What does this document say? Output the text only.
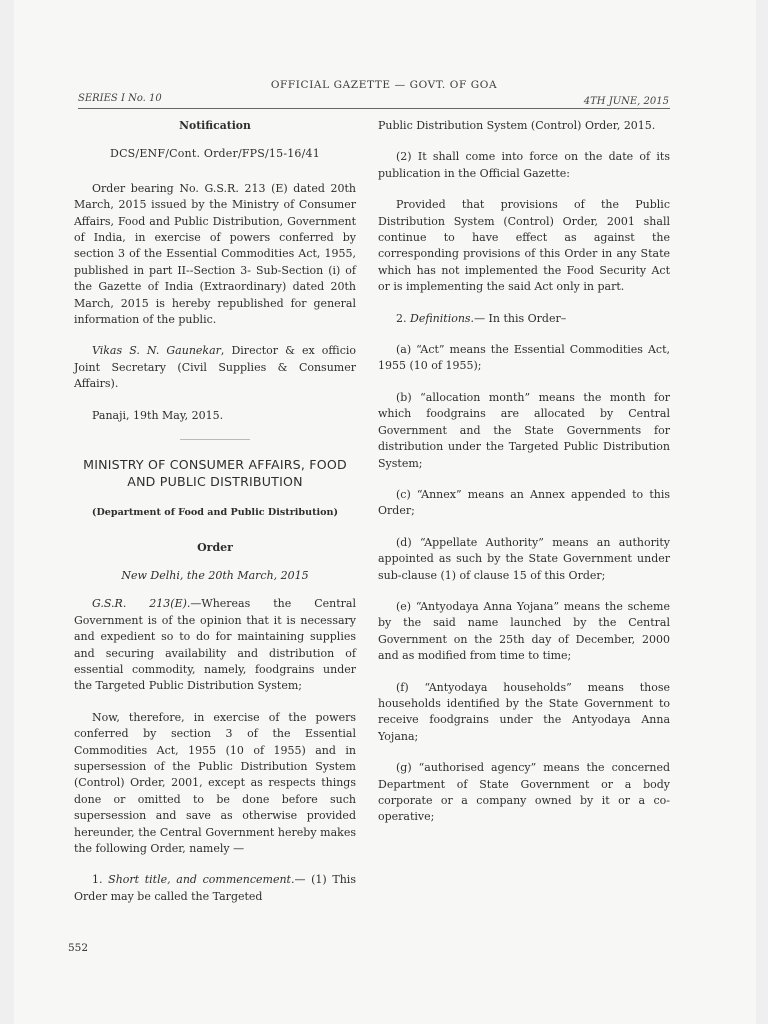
OFFICIAL GAZETTE — GOVT. OF GOA
SERIES I No. 10	4TH JUNE, 2015
Notification
DCS/ENF/Cont. Order/FPS/15-16/41

Order bearing No. G.S.R. 213 (E) dated 20th March, 2015 issued by the Ministry of Consumer Affairs, Food and Public Distribution, Government of India, in exercise of powers conferred by section 3 of the Essential Commodities Act, 1955, published in part II--Section 3- Sub-Section (i) of the Gazette of India (Extraordinary) dated 20th March, 2015 is hereby republished for general information of the public.

Vikas S. N. Gaunekar, Director & ex officio Joint Secretary (Civil Supplies & Consumer Affairs).

Panaji, 19th May, 2015.

MINISTRY OF CONSUMER AFFAIRS, FOOD AND PUBLIC DISTRIBUTION
(Department of Food and Public Distribution)
Order
New Delhi, the 20th March, 2015

G.S.R. 213(E).—Whereas the Central Government is of the opinion that it is necessary and expedient so to do for maintaining supplies and securing availability and distribution of essential commodity, namely, foodgrains under the Targeted Public Distribution System;

Now, therefore, in exercise of the powers conferred by section 3 of the Essential Commodities Act, 1955 (10 of 1955) and in supersession of the Public Distribution System (Control) Order, 2001, except as respects things done or omitted to be done before such supersession and save as otherwise provided hereunder, the Central Government hereby makes the following Order, namely —

1. Short title, and commencement.— (1) This Order may be called the Targeted

Public Distribution System (Control) Order, 2015.

(2) It shall come into force on the date of its publication in the Official Gazette:

Provided that provisions of the Public Distribution System (Control) Order, 2001 shall continue to have effect as against the corresponding provisions of this Order in any State which has not implemented the Food Security Act or is implementing the said Act only in part.

2. Definitions.— In this Order–

(a) “Act” means the Essential Commodities Act, 1955 (10 of 1955);

(b) “allocation month” means the month for which foodgrains are allocated by Central Government and the State Governments for distribution under the Targeted Public Distribution System;

(c) “Annex” means an Annex appended to this Order;

(d) “Appellate Authority” means an authority appointed as such by the State Government under sub-clause (1) of clause 15 of this Order;

(e) “Antyodaya Anna Yojana” means the scheme by the said name launched by the Central Government on the 25th day of December, 2000 and as modified from time to time;

(f) “Antyodaya households” means those households identified by the State Government to receive foodgrains under the Antyodaya Anna Yojana;

(g) “authorised agency” means the concerned Department of State Government or a body corporate or a company owned by it or a co-operative;

552
